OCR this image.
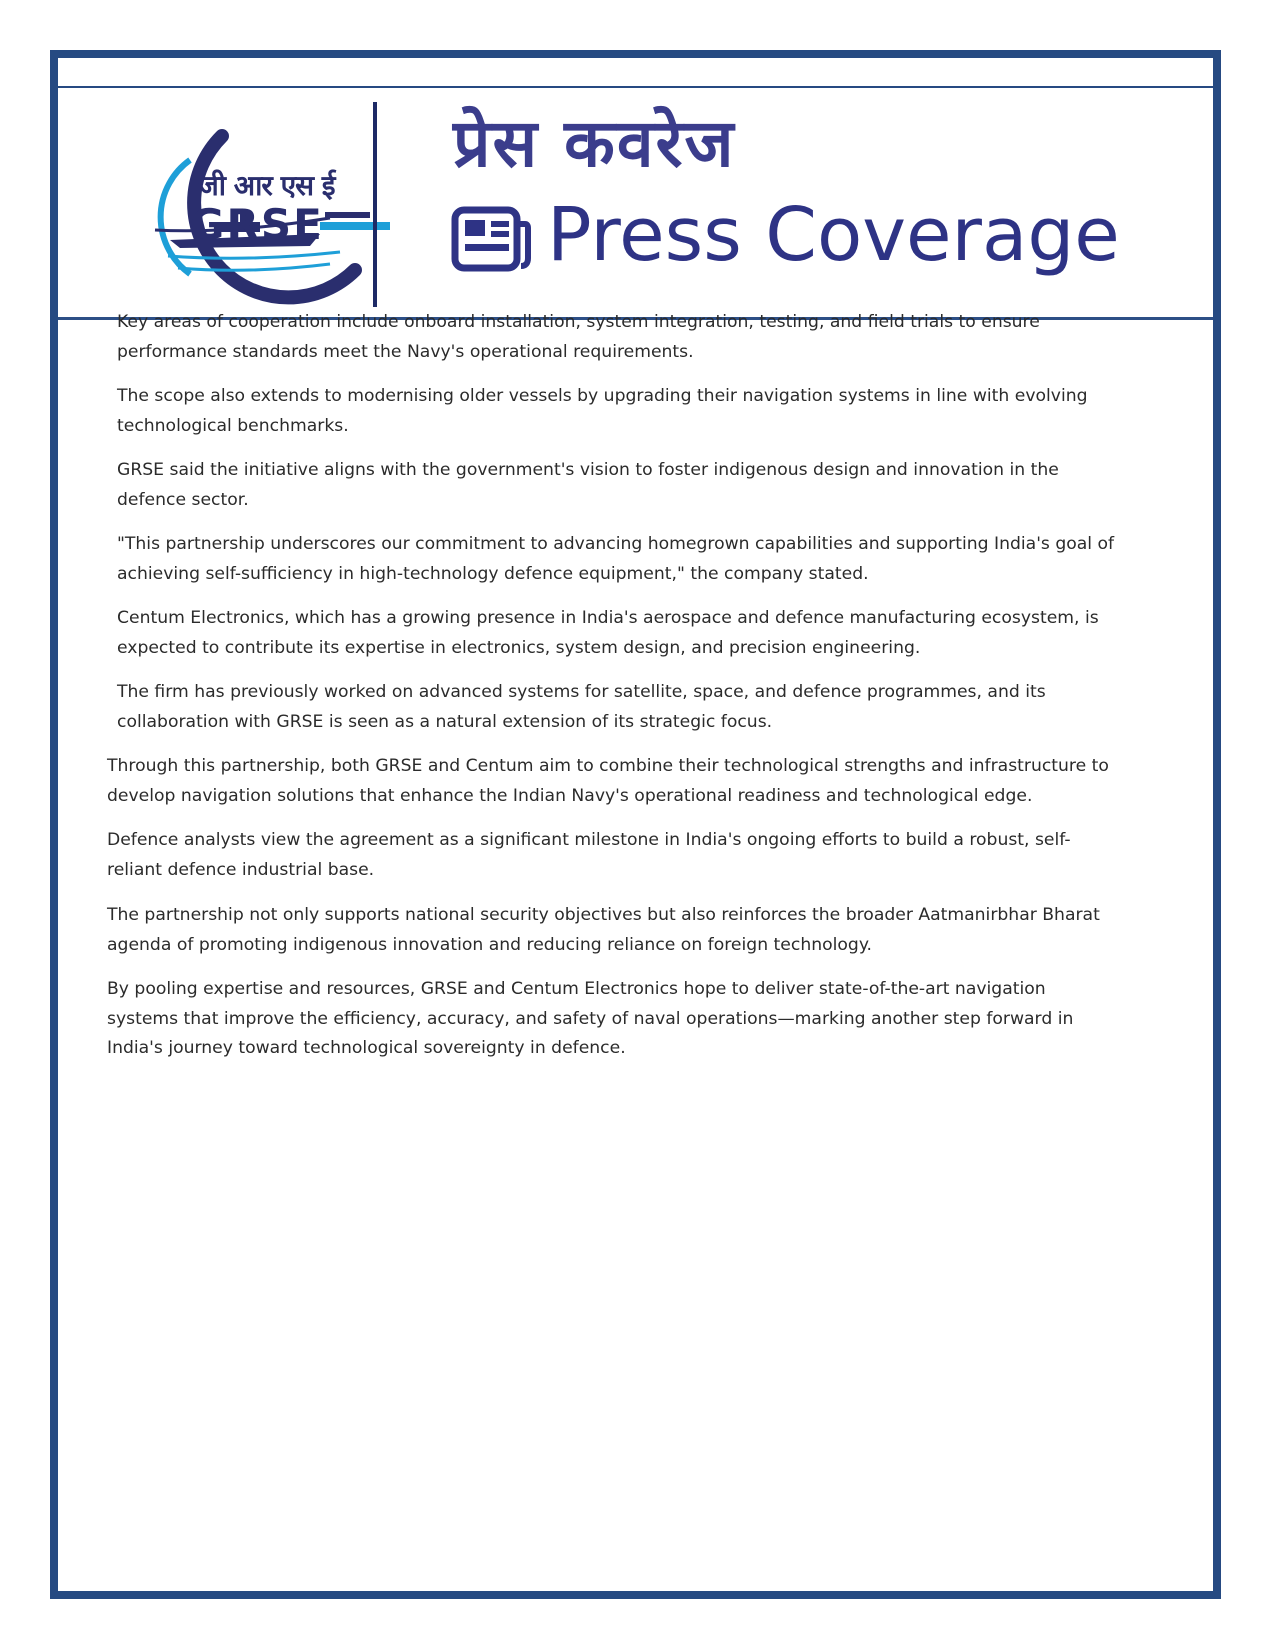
जी आर एस ई
GRSE
प्रेस कवरेज
Press Coverage

Key areas of cooperation include onboard installation, system integration, testing, and field trials to ensure
performance standards meet the Navy's operational requirements.

The scope also extends to modernising older vessels by upgrading their navigation systems in line with evolving
technological benchmarks.

GRSE said the initiative aligns with the government's vision to foster indigenous design and innovation in the
defence sector.

"This partnership underscores our commitment to advancing homegrown capabilities and supporting India's goal of
achieving self-sufficiency in high-technology defence equipment," the company stated.

Centum Electronics, which has a growing presence in India's aerospace and defence manufacturing ecosystem, is
expected to contribute its expertise in electronics, system design, and precision engineering.

The firm has previously worked on advanced systems for satellite, space, and defence programmes, and its
collaboration with GRSE is seen as a natural extension of its strategic focus.

Through this partnership, both GRSE and Centum aim to combine their technological strengths and infrastructure to
develop navigation solutions that enhance the Indian Navy's operational readiness and technological edge.

Defence analysts view the agreement as a significant milestone in India's ongoing efforts to build a robust, self-
reliant defence industrial base.

The partnership not only supports national security objectives but also reinforces the broader Aatmanirbhar Bharat
agenda of promoting indigenous innovation and reducing reliance on foreign technology.

By pooling expertise and resources, GRSE and Centum Electronics hope to deliver state-of-the-art navigation
systems that improve the efficiency, accuracy, and safety of naval operations—marking another step forward in
India's journey toward technological sovereignty in defence.
